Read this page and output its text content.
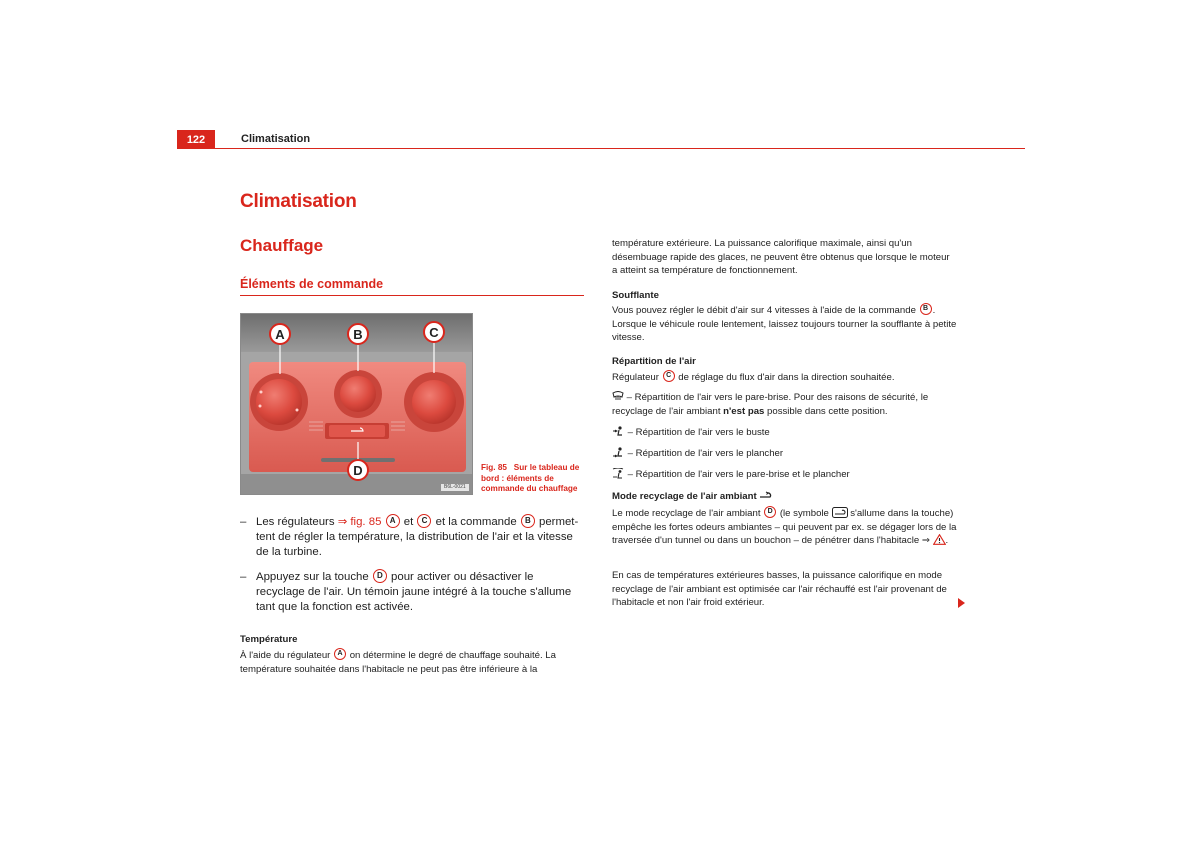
122	Climatisation
Climatisation
Chauffage
Éléments de commande
A	B	C
D
B6L-0021
Fig. 85 Sur le tableau de bord : éléments de commande du chauffage
– Les régulateurs ⇒ fig. 85 A et C et la commande B permet-tent de régler la température, la distribution de l'air et la vitesse de la turbine.
– Appuyez sur la touche D pour activer ou désactiver le recyclage de l'air. Un témoin jaune intégré à la touche s'allume tant que la fonction est activée.
Température
À l'aide du régulateur A on détermine le degré de chauffage souhaité. La température souhaitée dans l'habitacle ne peut pas être inférieure à la
température extérieure. La puissance calorifique maximale, ainsi qu'un désembuage rapide des glaces, ne peuvent être obtenus que lorsque le moteur a atteint sa température de fonctionnement.
Soufflante
Vous pouvez régler le débit d'air sur 4 vitesses à l'aide de la commande B . Lorsque le véhicule roule lentement, laissez toujours tourner la soufflante à petite vitesse.
Répartition de l'air
Régulateur C de réglage du flux d'air dans la direction souhaitée.
– Répartition de l'air vers le pare-brise. Pour des raisons de sécurité, le recyclage de l'air ambiant n'est pas possible dans cette position.
– Répartition de l'air vers le buste
– Répartition de l'air vers le plancher
– Répartition de l'air vers le pare-brise et le plancher
Mode recyclage de l'air ambiant
Le mode recyclage de l'air ambiant D (le symbole  s'allume dans la touche) empêche les fortes odeurs ambiantes – qui peuvent par ex. se dégager lors de la traversée d'un tunnel ou dans un bouchon – de pénétrer dans l'habitacle ⇒ .
En cas de températures extérieures basses, la puissance calorifique en mode recyclage de l'air ambiant est optimisée car l'air réchauffé est l'air provenant de l'habitacle et non l'air froid extérieur.
